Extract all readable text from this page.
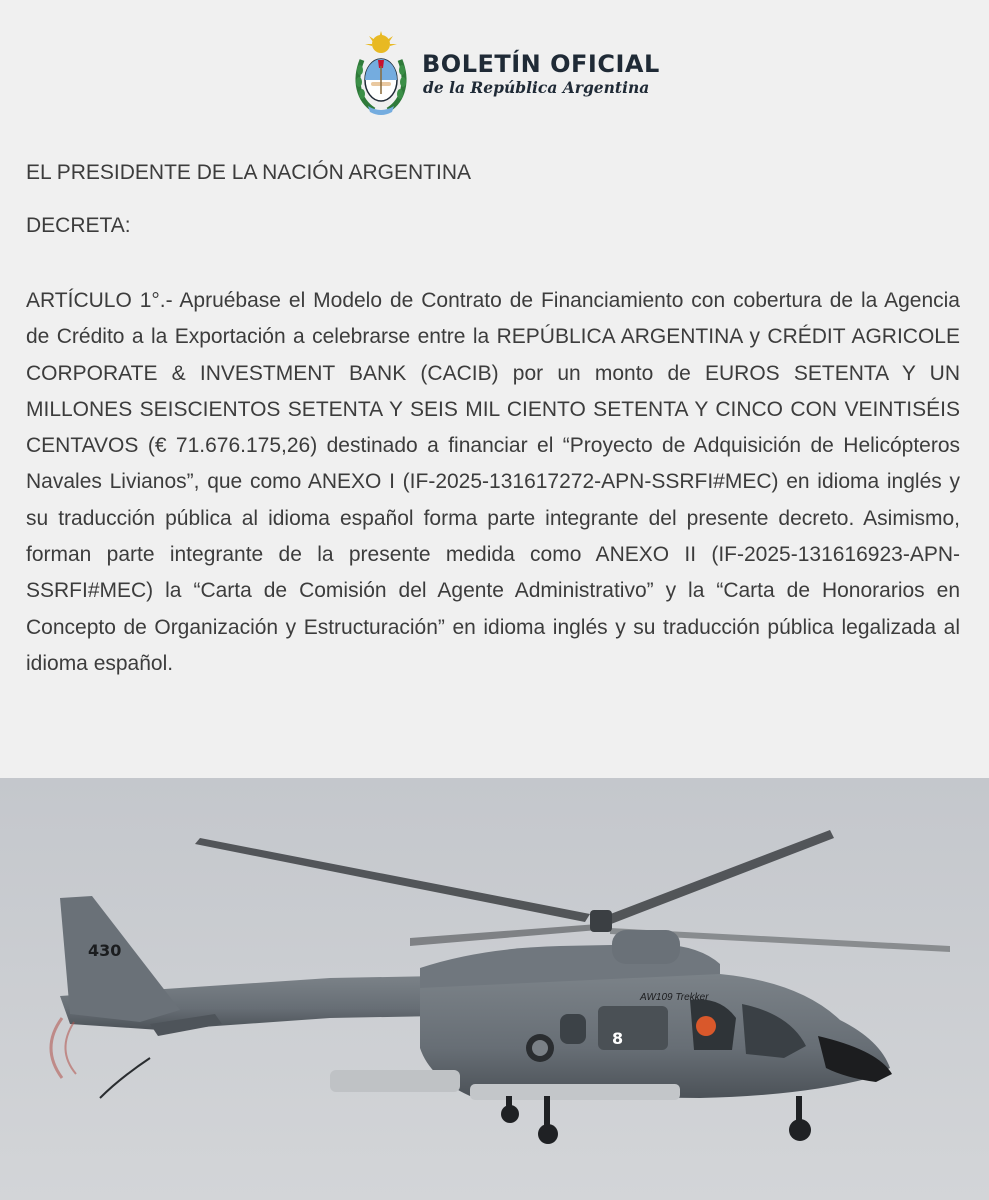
BOLETÍN OFICIAL
de la República Argentina
EL PRESIDENTE DE LA NACIÓN ARGENTINA
DECRETA:
ARTÍCULO 1°.- Apruébase el Modelo de Contrato de Financiamiento con cobertura de la Agencia de Crédito a la Exportación a celebrarse entre la REPÚBLICA ARGENTINA y CRÉDIT AGRICOLE CORPORATE & INVESTMENT BANK (CACIB) por un monto de EUROS SETENTA Y UN MILLONES SEISCIENTOS SETENTA Y SEIS MIL CIENTO SETENTA Y CINCO CON VEINTISÉIS CENTAVOS (€ 71.676.175,26) destinado a financiar el “Proyecto de Adquisición de Helicópteros Navales Livianos”, que como ANEXO I (IF-2025-131617272-APN-SSRFI#MEC) en idioma inglés y su traducción pública al idioma español forma parte integrante del presente decreto. Asimismo, forman parte integrante de la presente medida como ANEXO II (IF-2025-131616923-APN-SSRFI#MEC) la “Carta de Comisión del Agente Administrativo” y la “Carta de Honorarios en Concepto de Organización y Estructuración” en idioma inglés y su traducción pública legalizada al idioma español.
430
8
AW109 Trekker
